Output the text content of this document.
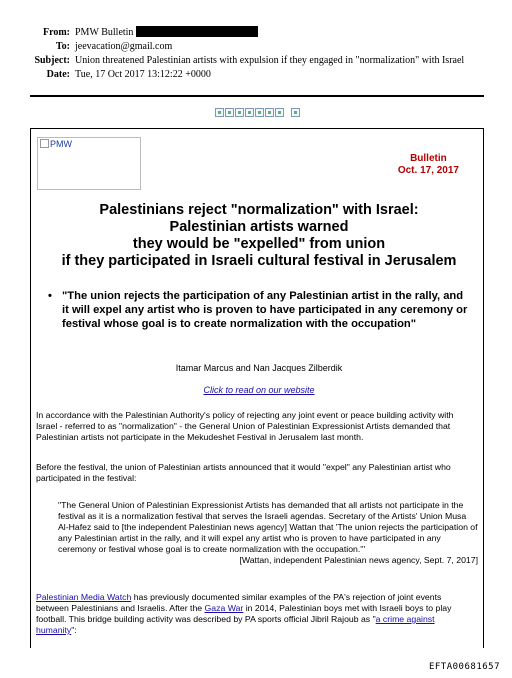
From: PMW Bulletin
To: jeevacation@gmail.com
Subject: Union threatened Palestinian artists with expulsion if they engaged in "normalization" with Israel
Date: Tue, 17 Oct 2017 13:12:22 +0000
PMW
Bulletin
Oct. 17, 2017
Palestinians reject "normalization" with Israel:
Palestinian artists warned
they would be "expelled" from union
if they participated in Israeli cultural festival in Jerusalem
• "The union rejects the participation of any Palestinian artist in the rally, and it will expel any artist who is proven to have participated in any ceremony or festival whose goal is to create normalization with the occupation"
Itamar Marcus and Nan Jacques Zilberdik
Click to read on our website
In accordance with the Palestinian Authority's policy of rejecting any joint event or peace building activity with Israel - referred to as "normalization" - the General Union of Palestinian Expressionist Artists demanded that Palestinian artists not participate in the Mekudeshet Festival in Jerusalem last month.
Before the festival, the union of Palestinian artists announced that it would "expel" any Palestinian artist who participated in the festival:
"The General Union of Palestinian Expressionist Artists has demanded that all artists not participate in the festival as it is a normalization festival that serves the Israeli agendas. Secretary of the Artists' Union Musa Al-Hafez said to [the independent Palestinian news agency] Wattan that 'The union rejects the participation of any Palestinian artist in the rally, and it will expel any artist who is proven to have participated in any ceremony or festival whose goal is to create normalization with the occupation.'"
[Wattan, independent Palestinian news agency, Sept. 7, 2017]
Palestinian Media Watch has previously documented similar examples of the PA's rejection of joint events between Palestinians and Israelis. After the Gaza War in 2014, Palestinian boys met with Israeli boys to play football. This bridge building activity was described by PA sports official Jibril Rajoub as "a crime against humanity":
EFTA00681657
